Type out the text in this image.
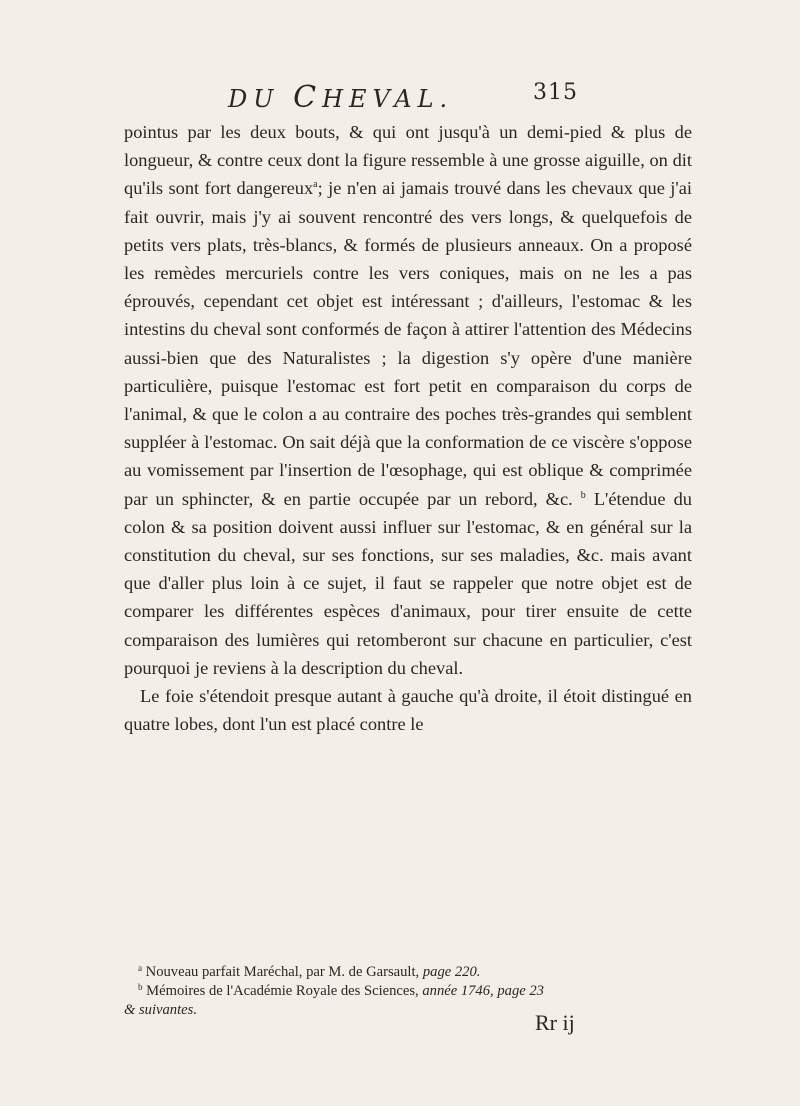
DU CHEVAL.	315

pointus par les deux bouts, & qui ont jusqu'à un demi-pied & plus de longueur, & contre ceux dont la figure ressemble à une grosse aiguille, on dit qu'ils sont fort dangereux$^a$; je n'en ai jamais trouvé dans les chevaux que j'ai fait ouvrir, mais j'y ai souvent rencontré des vers longs, & quelquefois de petits vers plats, très-blancs, & formés de plusieurs anneaux. On a proposé les remèdes mercuriels contre les vers coniques, mais on ne les a pas éprouvés, cependant cet objet est intéressant ; d'ailleurs, l'estomac & les intestins du cheval sont conformés de façon à attirer l'attention des Médecins aussi-bien que des Naturalistes ; la digestion s'y opère d'une manière particulière, puisque l'estomac est fort petit en comparaison du corps de l'animal, & que le colon a au contraire des poches très-grandes qui semblent suppléer à l'estomac. On sait déjà que la conformation de ce viscère s'oppose au vomissement par l'insertion de l'œsophage, qui est oblique & comprimée par un sphincter, & en partie occupée par un rebord, &c. $^b$ L'étendue du colon & sa position doivent aussi influer sur l'estomac, & en général sur la constitution du cheval, sur ses fonctions, sur ses maladies, &c. mais avant que d'aller plus loin à ce sujet, il faut se rappeler que notre objet est de comparer les différentes espèces d'animaux, pour tirer ensuite de cette comparaison des lumières qui retomberont sur chacune en particulier, c'est pourquoi je reviens à la description du cheval.

Le foie s'étendoit presque autant à gauche qu'à droite, il étoit distingué en quatre lobes, dont l'un est placé contre le

$^a$ Nouveau parfait Maréchal, par M. de Garsault, page 220.

$^b$ Mémoires de l'Académie Royale des Sciences, année 1746, page 23

& suivantes.	Rr ij
